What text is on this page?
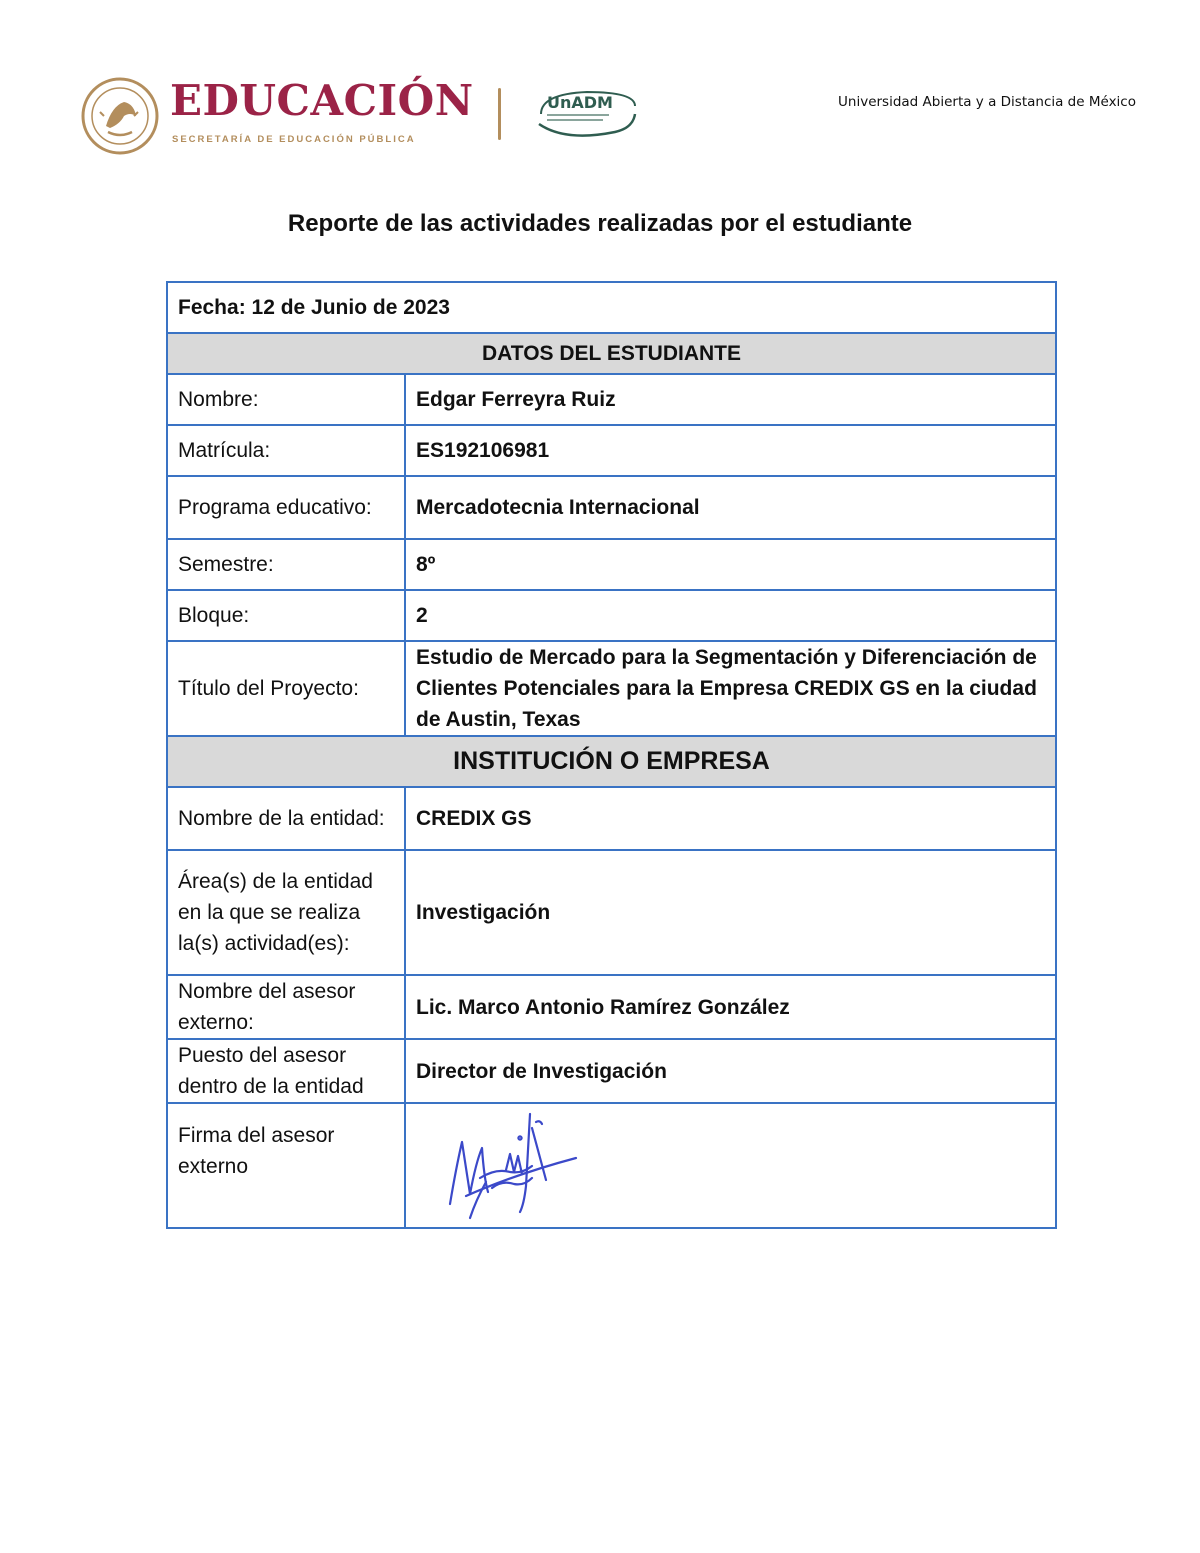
EDUCACIÓN
SECRETARÍA DE EDUCACIÓN PÚBLICA
UnADM	Universidad Abierta y a Distancia de México
Reporte de las actividades realizadas por el estudiante
Fecha: 12 de Junio de 2023	
DATOS DEL ESTUDIANTE	
Nombre:	Edgar Ferreyra Ruiz
Matrícula:	ES192106981
Programa educativo:	Mercadotecnia Internacional
Semestre:	8º
Bloque:	2
Título del Proyecto:	Estudio de Mercado para la Segmentación y Diferenciación de Clientes Potenciales para la Empresa CREDIX GS en la ciudad de Austin, Texas
INSTITUCIÓN O EMPRESA	
Nombre de la entidad:	CREDIX GS
Área(s) de la entidad en la que se realiza la(s) actividad(es):	Investigación
Nombre del asesor externo:	Lic. Marco Antonio Ramírez González
Puesto del asesor dentro de la entidad	Director de Investigación
Firma del asesor externo	
